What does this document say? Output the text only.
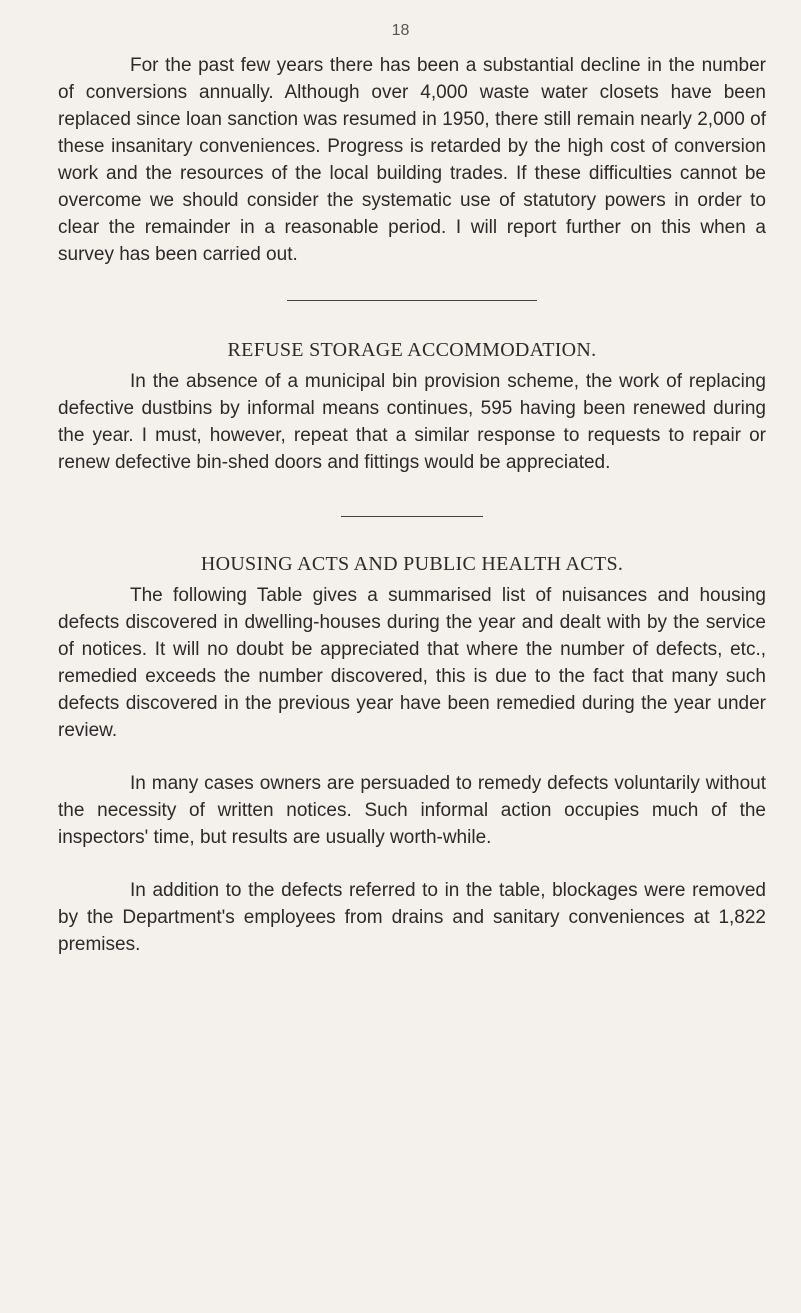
18

For the past few years there has been a substantial decline in the number of conversions annually. Although over 4,000 waste water closets have been replaced since loan sanction was resumed in 1950, there still remain nearly 2,000 of these insanitary conveniences. Progress is retarded by the high cost of conversion work and the resources of the local building trades. If these difficulties cannot be overcome we should consider the systematic use of statutory powers in order to clear the remainder in a reasonable period. I will report further on this when a survey has been carried out.

REFUSE STORAGE ACCOMMODATION.

In the absence of a municipal bin provision scheme, the work of replacing defective dustbins by informal means continues, 595 having been renewed during the year. I must, however, repeat that a similar response to requests to repair or renew defective bin-shed doors and fittings would be appreciated.

HOUSING ACTS AND PUBLIC HEALTH ACTS.

The following Table gives a summarised list of nuisances and housing defects discovered in dwelling-houses during the year and dealt with by the service of notices. It will no doubt be appreciated that where the number of defects, etc., remedied exceeds the number discovered, this is due to the fact that many such defects discovered in the previous year have been remedied during the year under review.

In many cases owners are persuaded to remedy defects voluntarily without the necessity of written notices. Such informal action occupies much of the inspectors' time, but results are usually worth-while.

In addition to the defects referred to in the table, blockages were removed by the Department's employees from drains and sanitary conveniences at 1,822 premises.
